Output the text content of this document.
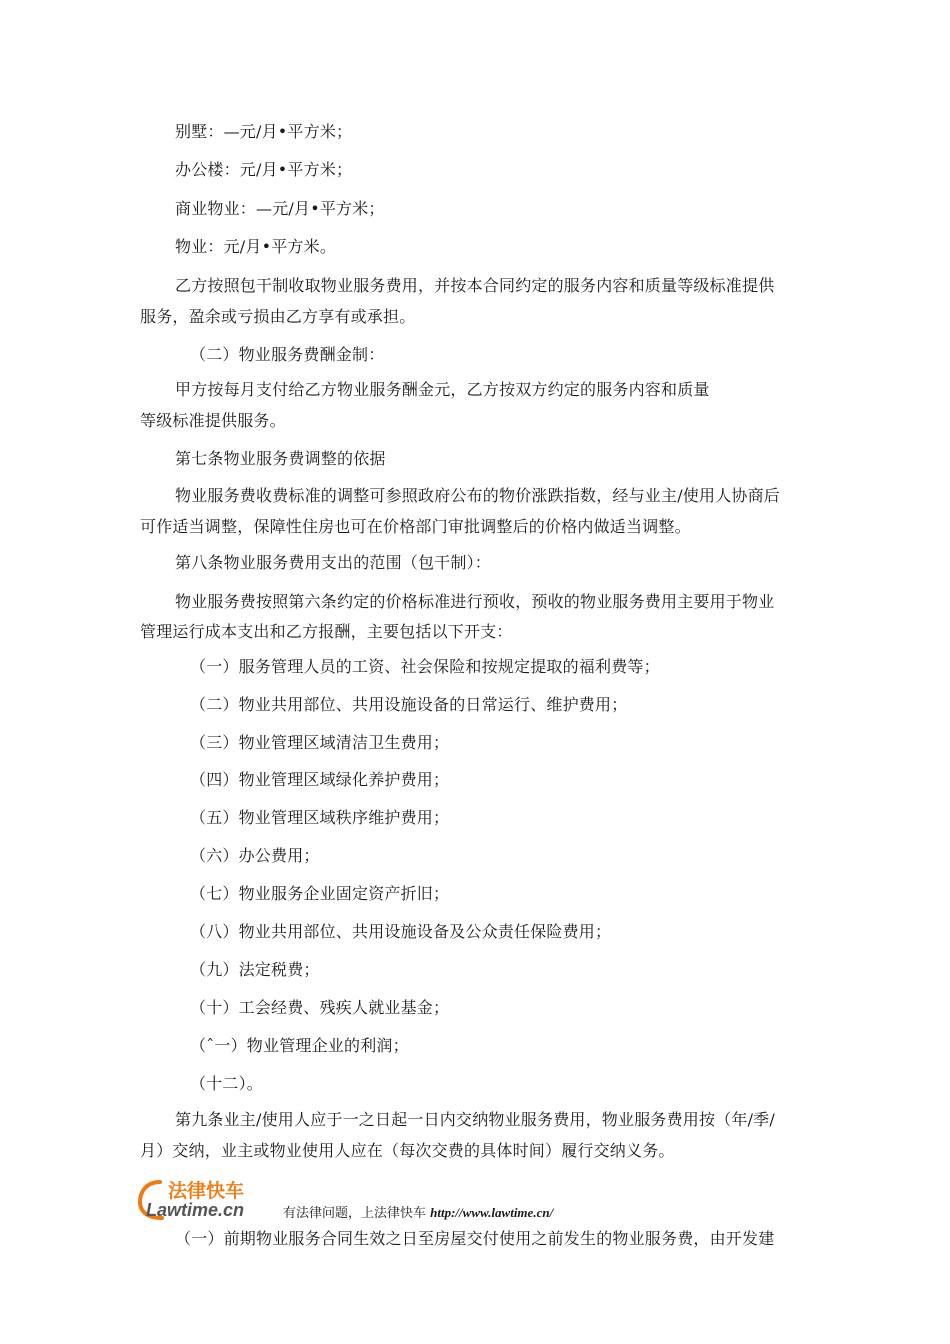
别墅：—元/月•平方米；
办公楼：元/月•平方米；
商业物业：—元/月•平方米；
物业：元/月•平方米。
乙方按照包干制收取物业服务费用，并按本合同约定的服务内容和质量等级标准提供
服务，盈余或亏损由乙方享有或承担。
（二）物业服务费酬金制：
甲方按每月支付给乙方物业服务酬金元，乙方按双方约定的服务内容和质量
等级标准提供服务。
第七条物业服务费调整的依据
物业服务费收费标准的调整可参照政府公布的物价涨跌指数，经与业主/使用人协商后
可作适当调整，保障性住房也可在价格部门审批调整后的价格内做适当调整。
第八条物业服务费用支出的范围（包干制）：
物业服务费按照第六条约定的价格标准进行预收，预收的物业服务费用主要用于物业
管理运行成本支出和乙方报酬，主要包括以下开支：
（一）服务管理人员的工资、社会保险和按规定提取的福利费等；
（二）物业共用部位、共用设施设备的日常运行、维护费用；
（三）物业管理区域清洁卫生费用；
（四）物业管理区域绿化养护费用；
（五）物业管理区域秩序维护费用；
（六）办公费用；
（七）物业服务企业固定资产折旧；
（八）物业共用部位、共用设施设备及公众责任保险费用；
（九）法定税费；
（十）工会经费、残疾人就业基金；
（ˆ一）物业管理企业的利润；
（十二）。
第九条业主/使用人应于一之日起一日内交纳物业服务费用，物业服务费用按（年/季/
月）交纳，业主或物业使用人应在（每次交费的具体时间）履行交纳义务。
（一）前期物业服务合同生效之日至房屋交付使用之前发生的物业服务费，由开发建
法律快车
Lawtime.cn	有法律问题，上法律快车 http://www.lawtime.cn/
